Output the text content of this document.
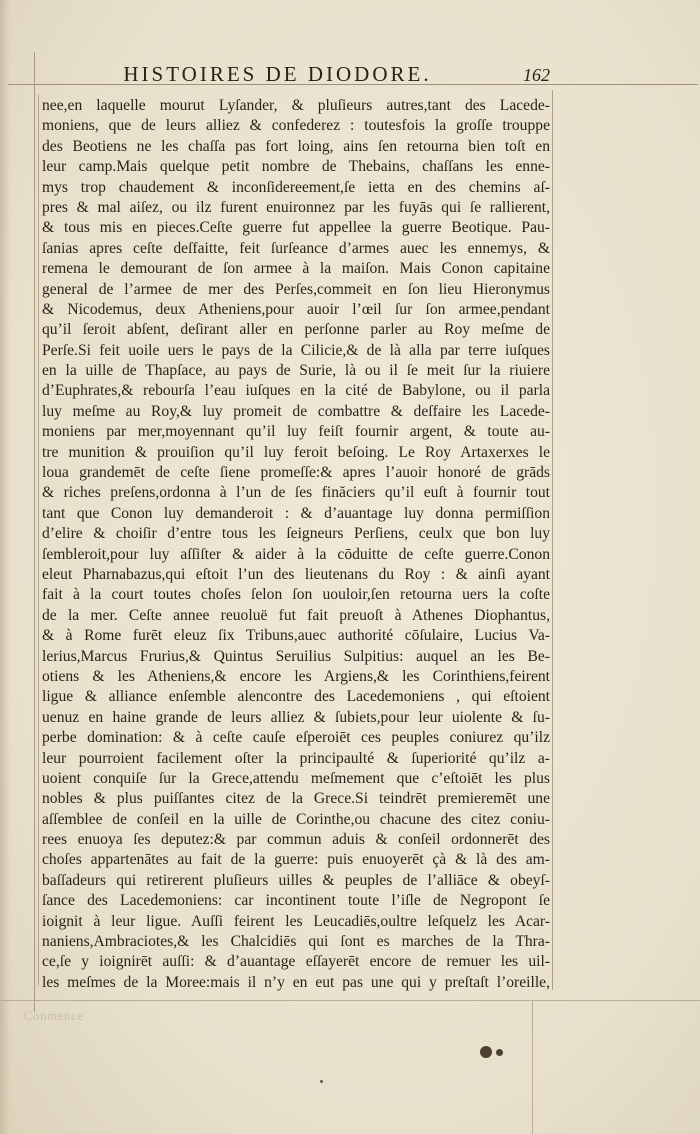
HISTOIRES DE DIODORE.	162
nee,en laquelle mourut Lyſander, & pluſieurs autres,tant des Lacede-
moniens, que de leurs alliez & confederez : toutesfois la groſſe trouppe
des Beotiens ne les chaſſa pas fort loing, ains ſen retourna bien toſt en
leur camp.Mais quelque petit nombre de Thebains, chaſſans les enne-
mys trop chaudement & inconſidereement,ſe ietta en des chemins aſ-
pres & mal aiſez, ou ilz furent enuironnez par les fuyās qui ſe rallierent,
& tous mis en pieces.Ceſte guerre fut appellee la guerre Beotique. Pau-
ſanias apres ceſte deſfaitte, feit ſurſeance d’armes auec les ennemys, &
remena le demourant de ſon armee à la maiſon. Mais Conon capitaine
general de l’armee de mer des Perſes,commeit en ſon lieu Hieronymus
& Nicodemus, deux Atheniens,pour auoir l’œil ſur ſon armee,pendant
qu’il ſeroit abſent, deſirant aller en perſonne parler au Roy meſme de
Perſe.Si feit uoile uers le pays de la Cilicie,& de là alla par terre iuſques
en la uille de Thapſace, au pays de Surie, là ou il ſe meit ſur la riuiere
d’Euphrates,& rebourſa l’eau iuſques en la cité de Babylone, ou il parla
luy meſme au Roy,& luy promeit de combattre & deſfaire les Lacede-
moniens par mer,moyennant qu’il luy feiſt fournir argent, & toute au-
tre munition & prouiſion qu’il luy feroit beſoing. Le Roy Artaxerxes le
loua grandemēt de ceſte ſiene promeſſe:& apres l’auoir honoré de grāds
& riches preſens,ordonna à l’un de ſes finăciers qu’il euſt à fournir tout
tant que Conon luy demanderoit : & d’auantage luy donna permiſſion
d’elire & choiſir d’entre tous les ſeigneurs Perſiens, ceulx que bon luy
ſembleroit,pour luy aſſiſter & aider à la cōduitte de ceſte guerre.Conon
eleut Pharnabazus,qui eſtoit l’un des lieutenans du Roy : & ainſi ayant
fait à la court toutes choſes ſelon ſon uouloir,ſen retourna uers la coſte
de la mer. Ceſte annee reuoluë fut fait preuoſt à Athenes Diophantus,
& à Rome furēt eleuz ſix Tribuns,auec authorité cōſulaire, Lucius Va-
lerius,Marcus Frurius,& Quintus Seruilius Sulpitius: auquel an les Be-
otiens & les Atheniens,& encore les Argiens,& les Corinthiens,feirent
ligue & alliance enſemble alencontre des Lacedemoniens , qui eſtoient
uenuz en haine grande de leurs alliez & ſubiets,pour leur uiolente & ſu-
perbe domination: & à ceſte cauſe eſperoiēt ces peuples coniurez qu’ilz
leur pourroient facilement oſter la principaulté & ſuperiorité qu’ilz a-
uoient conquiſe ſur la Grece,attendu meſmement que c’eſtoiēt les plus
nobles & plus puiſſantes citez de la Grece.Si teindrēt premieremēt une
aſſemblee de conſeil en la uille de Corinthe,ou chacune des citez coniu-
rees enuoya ſes deputez:& par commun aduis & conſeil ordonnerēt des
choſes appartenātes au fait de la guerre: puis enuoyerēt çà & là des am-
baſſadeurs qui retirerent pluſieurs uilles & peuples de l’alliāce & obeyſ-
ſance des Lacedemoniens: car incontinent toute l’iſle de Negropont ſe
ioignit à leur ligue. Auſſi feirent les Leucadiēs,oultre leſquelz les Acar-
naniens,Ambraciotes,& les Chalcidiēs qui ſont es marches de la Thra-
ce,ſe y ioignirēt auſſi: & d’auantage eſſayerēt encore de remuer les uil-
les meſmes de la Moree:mais il n’y en eut pas une qui y preſtaſt l’oreille,
Conmence
